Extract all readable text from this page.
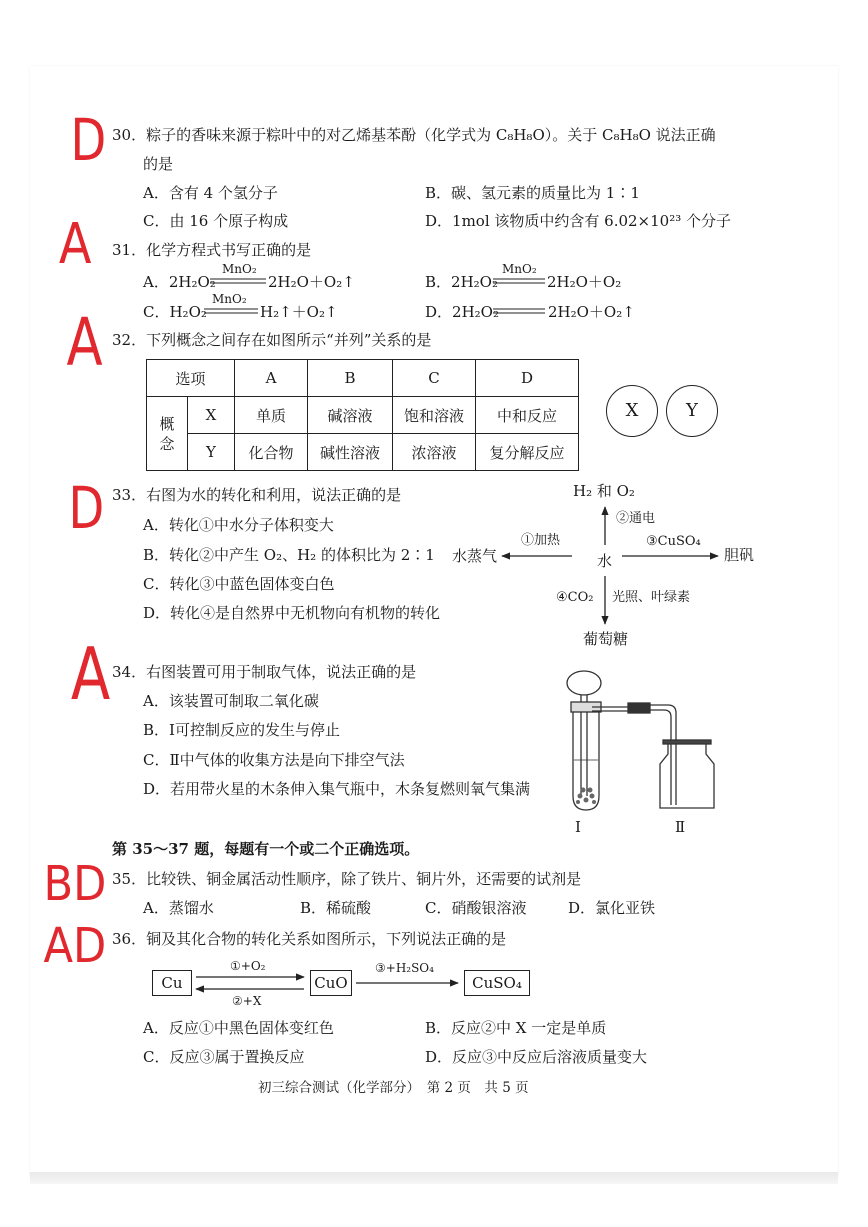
D
A
A
D
A
BD
AD
30．粽子的香味来源于粽叶中的对乙烯基苯酚（化学式为 C₈H₈O）。关于 C₈H₈O 说法正确
的是
A．含有 4 个氢分子	B．碳、氢元素的质量比为 1∶1
C．由 16 个原子构成	D．1mol 该物质中约含有 6.02×10²³ 个分子
31．化学方程式书写正确的是
A．2H₂O₂
MnO₂
2H₂O＋O₂↑	B．2H₂O₂
MnO₂
2H₂O＋O₂
C．H₂O₂
MnO₂
H₂↑＋O₂↑	D．2H₂O₂	2H₂O＋O₂↑
32．下列概念之间存在如图所示“并列”关系的是
选项		A	B	C	D
概念	X	单质	碱溶液	饱和溶液	中和反应
	Y	化合物	碱性溶液	浓溶液	复分解反应
X	Y
33．右图为水的转化和利用，说法正确的是
A．转化①中水分子体积变大
B．转化②中产生 O₂、H₂ 的体积比为 2∶1
C．转化③中蓝色固体变白色
D．转化④是自然界中无机物向有机物的转化
H₂ 和 O₂
②通电
水蒸气
①加热
水	胆矾
③CuSO₄
④CO₂ 光照、叶绿素
葡萄糖
34．右图装置可用于制取气体，说法正确的是
A．该装置可制取二氧化碳
B．Ⅰ可控制反应的发生与停止
C．Ⅱ中气体的收集方法是向下排空气法
D．若用带火星的木条伸入集气瓶中，木条复燃则氧气集满
Ⅰ	Ⅱ
第 35～37 题，每题有一个或二个正确选项。
35．比较铁、铜金属活动性顺序，除了铁片、铜片外，还需要的试剂是
A．蒸馏水	B．稀硫酸	C．硝酸银溶液	D．氯化亚铁
36．铜及其化合物的转化关系如图所示，下列说法正确的是
Cu	CuO	CuSO₄
①+O₂
②+X
③+H₂SO₄
A．反应①中黑色固体变红色	B．反应②中 X 一定是单质
C．反应③属于置换反应	D．反应③中反应后溶液质量变大
初三综合测试（化学部分）　第 2 页　共 5 页
